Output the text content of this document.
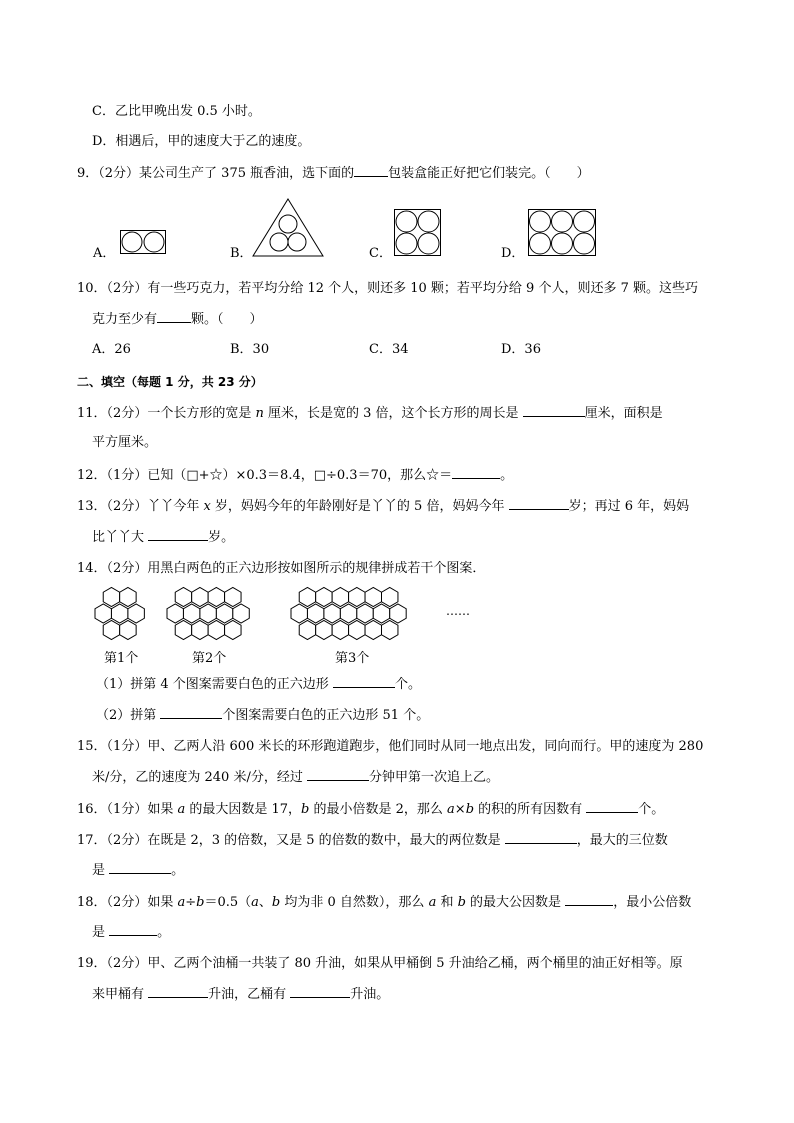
C．乙比甲晚出发 0.5 小时。
D．相遇后，甲的速度大于乙的速度。
9．（2分）某公司生产了 375 瓶香油，选下面的	包装盒能正好把它们装完。（　　）
A．	B．	C．	D．
10．（2分）有一些巧克力，若平均分给 12 个人，则还多 10 颗；若平均分给 9 个人，则还多 7 颗。这些巧
克力至少有	颗。（　　）
A．26	B．30	C．34	D．36
二、填空（每题 1 分，共 23 分）
11．（2分）一个长方形的宽是 n 厘米，长是宽的 3 倍，这个长方形的周长是	厘米，面积是
平方厘米。
12．（1分）已知（□+☆）×0.3＝8.4，□÷0.3＝70，那么☆＝	。
13．（2分）丫丫今年 x 岁，妈妈今年的年龄刚好是丫丫的 5 倍，妈妈今年	岁；再过 6 年，妈妈
比丫丫大	岁。
14．（2分）用黑白两色的正六边形按如图所示的规律拼成若干个图案．
第1个	第2个	第3个
……
（1）拼第 4 个图案需要白色的正六边形	个。
（2）拼第	个图案需要白色的正六边形 51 个。
15．（1分）甲、乙两人沿 600 米长的环形跑道跑步，他们同时从同一地点出发，同向而行。甲的速度为 280
米/分，乙的速度为 240 米/分，经过	分钟甲第一次追上乙。
16．（1分）如果 a 的最大因数是 17，b 的最小倍数是 2，那么 a×b 的积的所有因数有	个。
17．（2分）在既是 2，3 的倍数，又是 5 的倍数的数中，最大的两位数是	，最大的三位数
是	。
18．（2分）如果 a÷b＝0.5（a、b 均为非 0 自然数），那么 a 和 b 的最大公因数是	，最小公倍数
是	。
19．（2分）甲、乙两个油桶一共装了 80 升油，如果从甲桶倒 5 升油给乙桶，两个桶里的油正好相等。原
来甲桶有	升油，乙桶有	升油。
